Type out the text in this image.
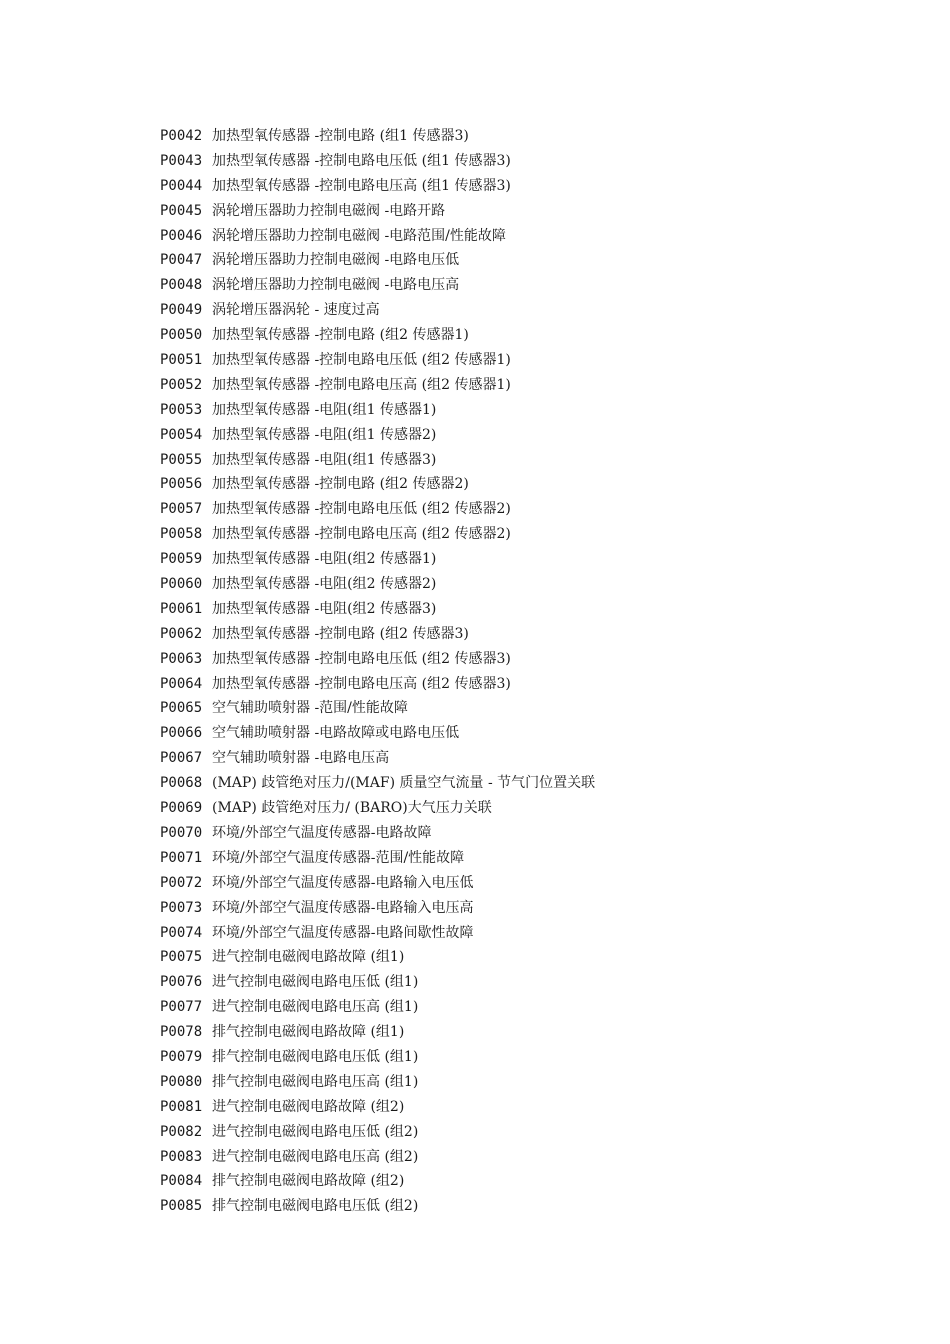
P0042 加热型氧传感器 -控制电路 (组1 传感器3)
P0043 加热型氧传感器 -控制电路电压低 (组1 传感器3)
P0044 加热型氧传感器 -控制电路电压高 (组1 传感器3)
P0045 涡轮增压器助力控制电磁阀 -电路开路
P0046 涡轮增压器助力控制电磁阀 -电路范围/性能故障
P0047 涡轮增压器助力控制电磁阀 -电路电压低
P0048 涡轮增压器助力控制电磁阀 -电路电压高
P0049 涡轮增压器涡轮 - 速度过高
P0050 加热型氧传感器 -控制电路 (组2 传感器1)
P0051 加热型氧传感器 -控制电路电压低 (组2 传感器1)
P0052 加热型氧传感器 -控制电路电压高 (组2 传感器1)
P0053 加热型氧传感器 -电阻(组1 传感器1)
P0054 加热型氧传感器 -电阻(组1 传感器2)
P0055 加热型氧传感器 -电阻(组1 传感器3)
P0056 加热型氧传感器 -控制电路 (组2 传感器2)
P0057 加热型氧传感器 -控制电路电压低 (组2 传感器2)
P0058 加热型氧传感器 -控制电路电压高 (组2 传感器2)
P0059 加热型氧传感器 -电阻(组2 传感器1)
P0060 加热型氧传感器 -电阻(组2 传感器2)
P0061 加热型氧传感器 -电阻(组2 传感器3)
P0062 加热型氧传感器 -控制电路 (组2 传感器3)
P0063 加热型氧传感器 -控制电路电压低 (组2 传感器3)
P0064 加热型氧传感器 -控制电路电压高 (组2 传感器3)
P0065 空气辅助喷射器 -范围/性能故障
P0066 空气辅助喷射器 -电路故障或电路电压低
P0067 空气辅助喷射器 -电路电压高
P0068 (MAP) 歧管绝对压力/(MAF) 质量空气流量 - 节气门位置关联
P0069 (MAP) 歧管绝对压力/ (BARO)大气压力关联
P0070 环境/外部空气温度传感器-电路故障
P0071 环境/外部空气温度传感器-范围/性能故障
P0072 环境/外部空气温度传感器-电路输入电压低
P0073 环境/外部空气温度传感器-电路输入电压高
P0074 环境/外部空气温度传感器-电路间歇性故障
P0075 进气控制电磁阀电路故障 (组1)
P0076 进气控制电磁阀电路电压低 (组1)
P0077 进气控制电磁阀电路电压高 (组1)
P0078 排气控制电磁阀电路故障 (组1)
P0079 排气控制电磁阀电路电压低 (组1)
P0080 排气控制电磁阀电路电压高 (组1)
P0081 进气控制电磁阀电路故障 (组2)
P0082 进气控制电磁阀电路电压低 (组2)
P0083 进气控制电磁阀电路电压高 (组2)
P0084 排气控制电磁阀电路故障 (组2)
P0085 排气控制电磁阀电路电压低 (组2)
